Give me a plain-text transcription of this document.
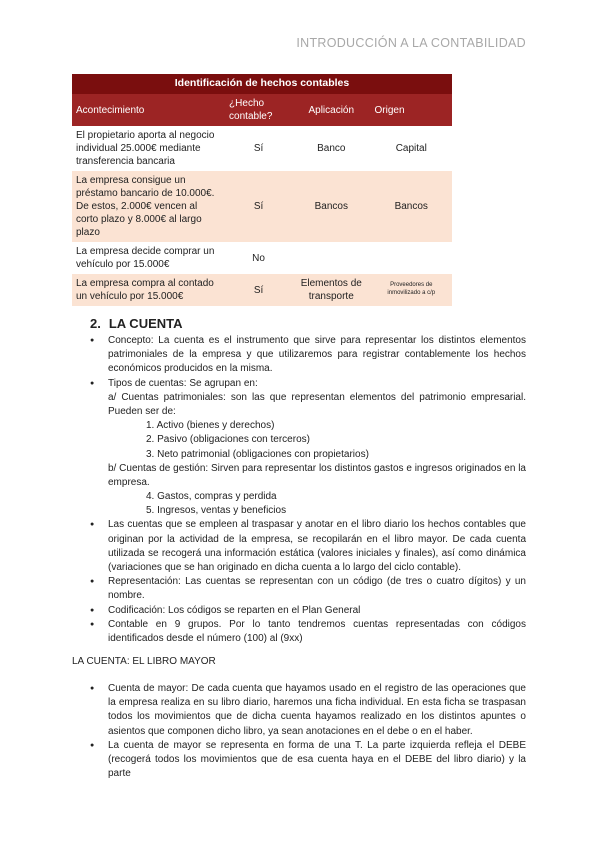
INTRODUCCIÓN A LA CONTABILIDAD
Identificación de hechos contables			
Acontecimiento	¿Hecho contable?	Aplicación	Origen
El propietario aporta al negocio individual 25.000€ mediante transferencia bancaria	Sí	Banco	Capital
La empresa consigue un préstamo bancario de 10.000€. De estos, 2.000€ vencen al corto plazo y 8.000€ al largo plazo	Sí	Bancos	Bancos
La empresa decide comprar un vehículo por 15.000€	No		
La empresa compra al contado un vehículo por 15.000€	Sí	Elementos de transporte	Proveedores de inmovilizado a c/p
2. LA CUENTA
● Concepto: La cuenta es el instrumento que sirve para representar los distintos elementos patrimoniales de la empresa y que utilizaremos para registrar contablemente los hechos económicos producidos en la misma.
● Tipos de cuentas: Se agrupan en:
a/ Cuentas patrimoniales: son las que representan elementos del patrimonio empresarial. Pueden ser de:
1. Activo (bienes y derechos)
2. Pasivo (obligaciones con terceros)
3. Neto patrimonial (obligaciones con propietarios)
b/ Cuentas de gestión: Sirven para representar los distintos gastos e ingresos originados en la empresa.
4. Gastos, compras y perdida
5. Ingresos, ventas y beneficios
● Las cuentas que se empleen al traspasar y anotar en el libro diario los hechos contables que originan por la actividad de la empresa, se recopilarán en el libro mayor. De cada cuenta utilizada se recogerá una información estática (valores iniciales y finales), así como dinámica (variaciones que se han originado en dicha cuenta a lo largo del ciclo contable).
● Representación: Las cuentas se representan con un código (de tres o cuatro dígitos) y un nombre.
● Codificación: Los códigos se reparten en el Plan General
● Contable en 9 grupos. Por lo tanto tendremos cuentas representadas con códigos identificados desde el número (100) al (9xx)
LA CUENTA: EL LIBRO MAYOR
● Cuenta de mayor: De cada cuenta que hayamos usado en el registro de las operaciones que la empresa realiza en su libro diario, haremos una ficha individual. En esta ficha se traspasan todos los movimientos que de dicha cuenta hayamos realizado en los distintos apuntes o asientos que componen dicho libro, ya sean anotaciones en el debe o en el haber.
● La cuenta de mayor se representa en forma de una T. La parte izquierda refleja el DEBE (recogerá todos los movimientos que de esa cuenta haya en el DEBE del libro diario) y la parte
